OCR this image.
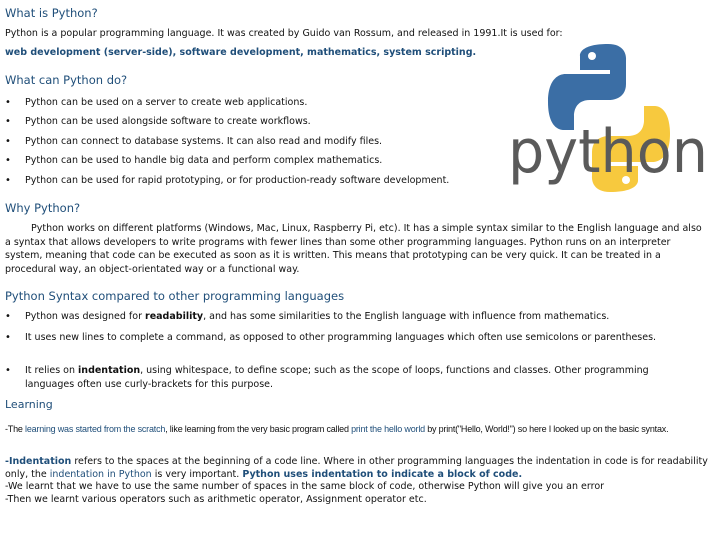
What is Python?
Python is a popular programming language. It was created by Guido van Rossum, and released in 1991.It is used for:
web development (server-side), software development, mathematics, system scripting.
What can Python do?
• Python can be used on a server to create web applications.
• Python can be used alongside software to create workflows.
• Python can connect to database systems. It can also read and modify files.
• Python can be used to handle big data and perform complex mathematics.
• Python can be used for rapid prototyping, or for production-ready software development. python
Why Python?
Python works on different platforms (Windows, Mac, Linux, Raspberry Pi, etc). It has a simple syntax similar to the English language and also a syntax that allows developers to write programs with fewer lines than some other programming languages. Python runs on an interpreter system, meaning that code can be executed as soon as it is written. This means that prototyping can be very quick. It can be treated in a procedural way, an object-orientated way or a functional way.
Python Syntax compared to other programming languages
• Python was designed for readability, and has some similarities to the English language with influence from mathematics.
• It uses new lines to complete a command, as opposed to other programming languages which often use semicolons or parentheses.
• It relies on indentation, using whitespace, to define scope; such as the scope of loops, functions and classes. Other programming languages often use curly-brackets for this purpose.
Learning
-The learning was started from the scratch, like learning from the very basic program called print the hello world by print("Hello, World!") so here I looked up on the basic syntax.
-Indentation refers to the spaces at the beginning of a code line. Where in other programming languages the indentation in code is for readability only, the indentation in Python is very important. Python uses indentation to indicate a block of code.
-We learnt that we have to use the same number of spaces in the same block of code, otherwise Python will give you an error
-Then we learnt various operators such as arithmetic operator, Assignment operator etc.
